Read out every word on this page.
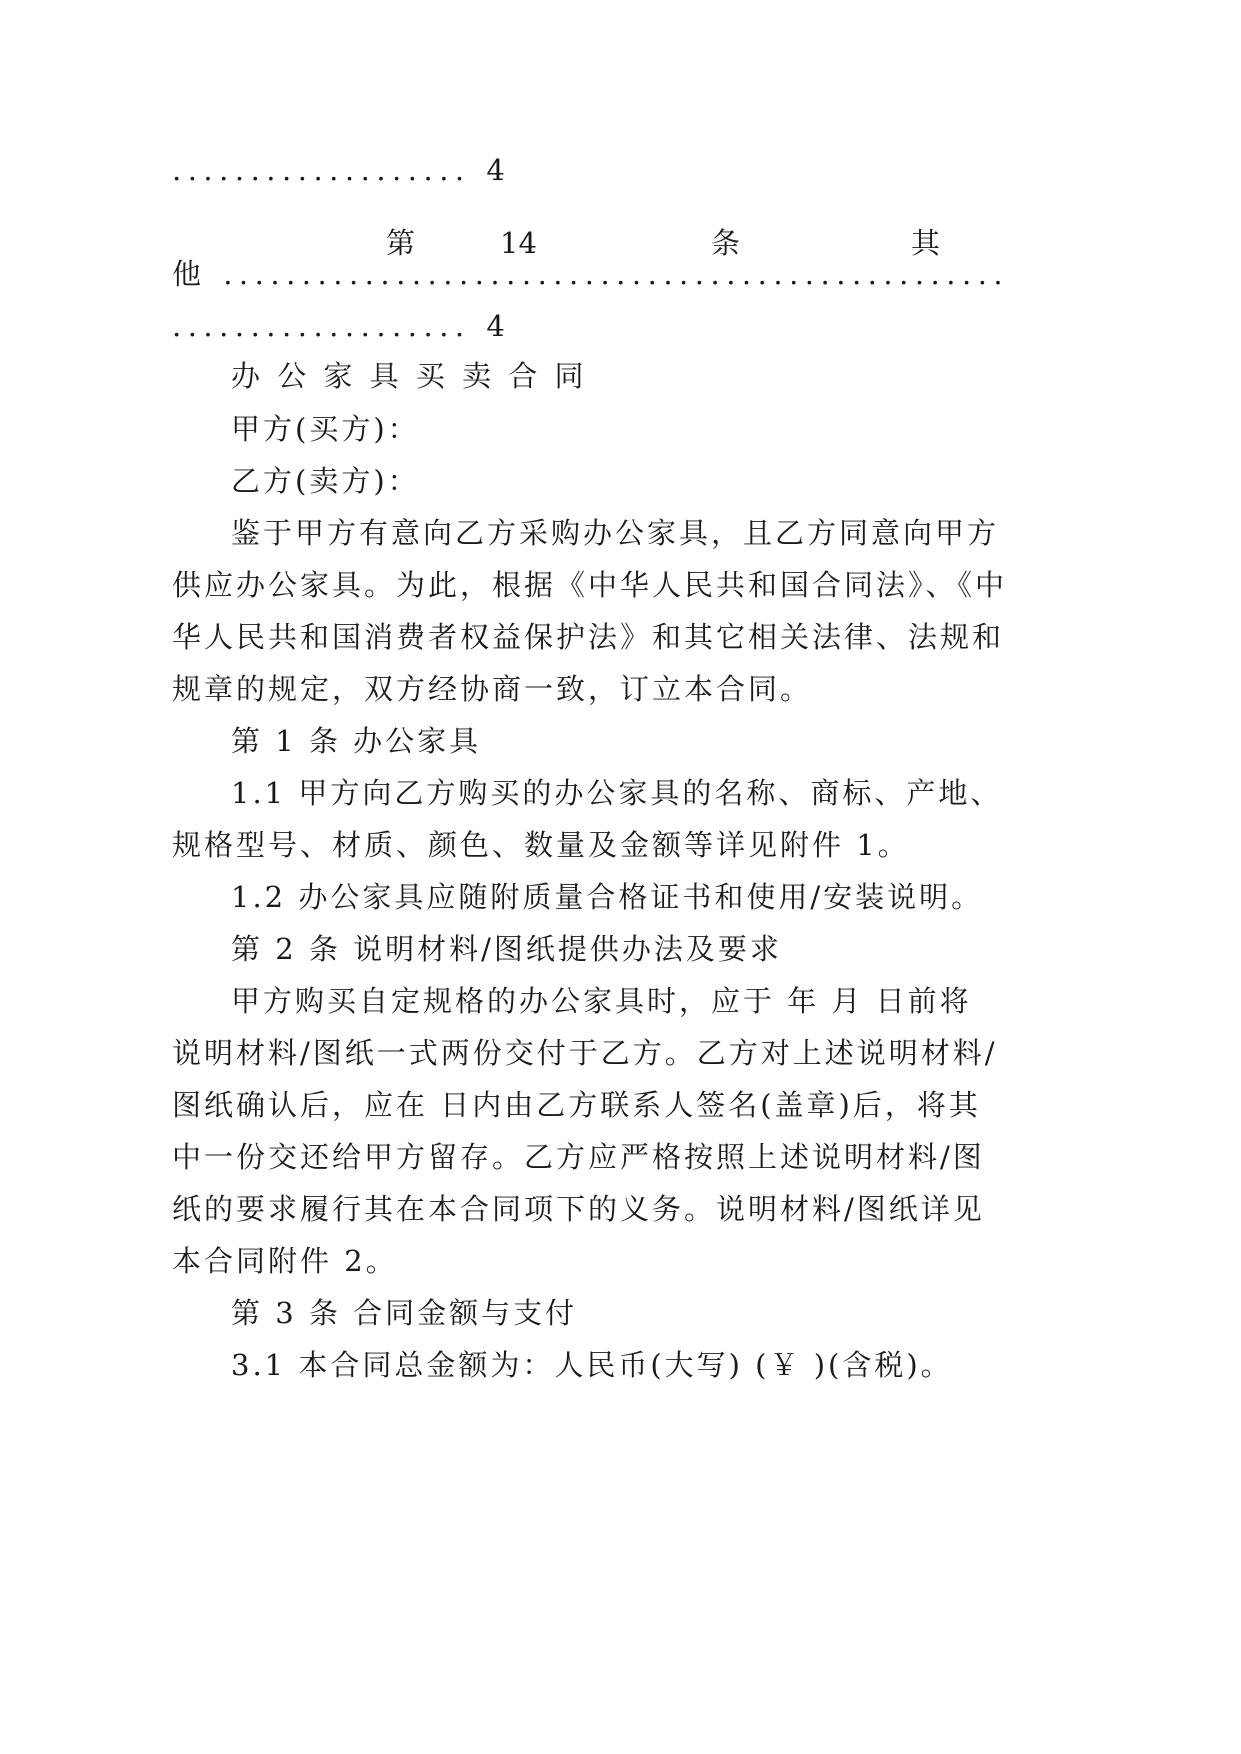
................... 4
第	14	条	其
他 ..................................................
................... 4
办 公 家 具 买 卖 合 同
甲方(买方)：
乙方(卖方)：
鉴于甲方有意向乙方采购办公家具，且乙方同意向甲方
供应办公家具。为此，根据《中华人民共和国合同法》、《中
华人民共和国消费者权益保护法》和其它相关法律、法规和
规章的规定，双方经协商一致，订立本合同。
第 1 条 办公家具
1.1 甲方向乙方购买的办公家具的名称、商标、产地、
规格型号、材质、颜色、数量及金额等详见附件 1。
1.2 办公家具应随附质量合格证书和使用/安装说明。
第 2 条 说明材料/图纸提供办法及要求
甲方购买自定规格的办公家具时，应于 年 月 日前将
说明材料/图纸一式两份交付于乙方。乙方对上述说明材料/
图纸确认后，应在 日内由乙方联系人签名(盖章)后，将其
中一份交还给甲方留存。乙方应严格按照上述说明材料/图
纸的要求履行其在本合同项下的义务。说明材料/图纸详见
本合同附件 2。
第 3 条 合同金额与支付
3.1 本合同总金额为：人民币(大写) (￥ )(含税)。
